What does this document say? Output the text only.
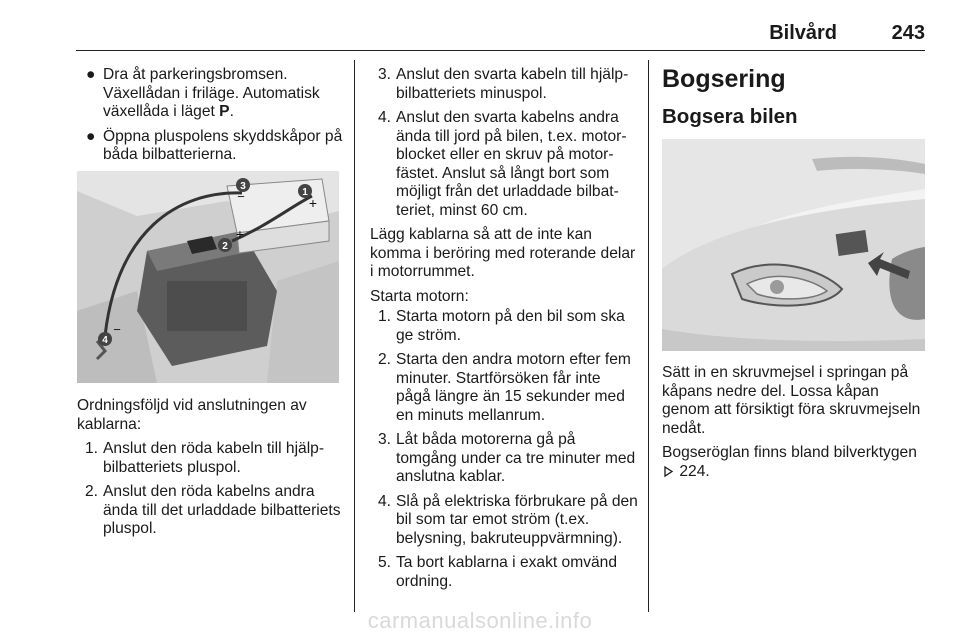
Bilvård	243
● Dra åt parkeringsbromsen. Växellådan i friläge. Automatisk växellåda i läget P.
● Öppna pluspolens skyddskåpor på båda bilbatterierna.
3
−	1
+
2
+
4
−

Ordningsföljd vid anslutningen av kablarna:

1. Anslut den röda kabeln till hjälp-bilbatteriets pluspol.
2. Anslut den röda kabelns andra ända till det urladdade bilbatteriets pluspol.
3. Anslut den svarta kabeln till hjälp-bilbatteriets minuspol.
4. Anslut den svarta kabelns andra ända till jord på bilen, t.ex. motor-blocket eller en skruv på motor-fästet. Anslut så långt bort som möjligt från det urladdade bilbat-teriet, minst 60 cm.

Lägg kablarna så att de inte kan komma i beröring med roterande delar i motorrummet.

Starta motorn:

1. Starta motorn på den bil som ska ge ström.
2. Starta den andra motorn efter fem minuter. Startförsöken får inte pågå längre än 15 sekunder med en minuts mellanrum.
3. Låt båda motorerna gå på tomgång under ca tre minuter med anslutna kablar.
4. Slå på elektriska förbrukare på den bil som tar emot ström (t.ex. belysning, bakruteuppvärmning).
5. Ta bort kablarna i exakt omvänd ordning.
Bogsering
Bogsera bilen

Sätt in en skruvmejsel i springan på kåpans nedre del. Lossa kåpan genom att försiktigt föra skruvmejseln nedåt.

Bogseröglan finns bland bilverktygen

224.

carmanualsonline.info
